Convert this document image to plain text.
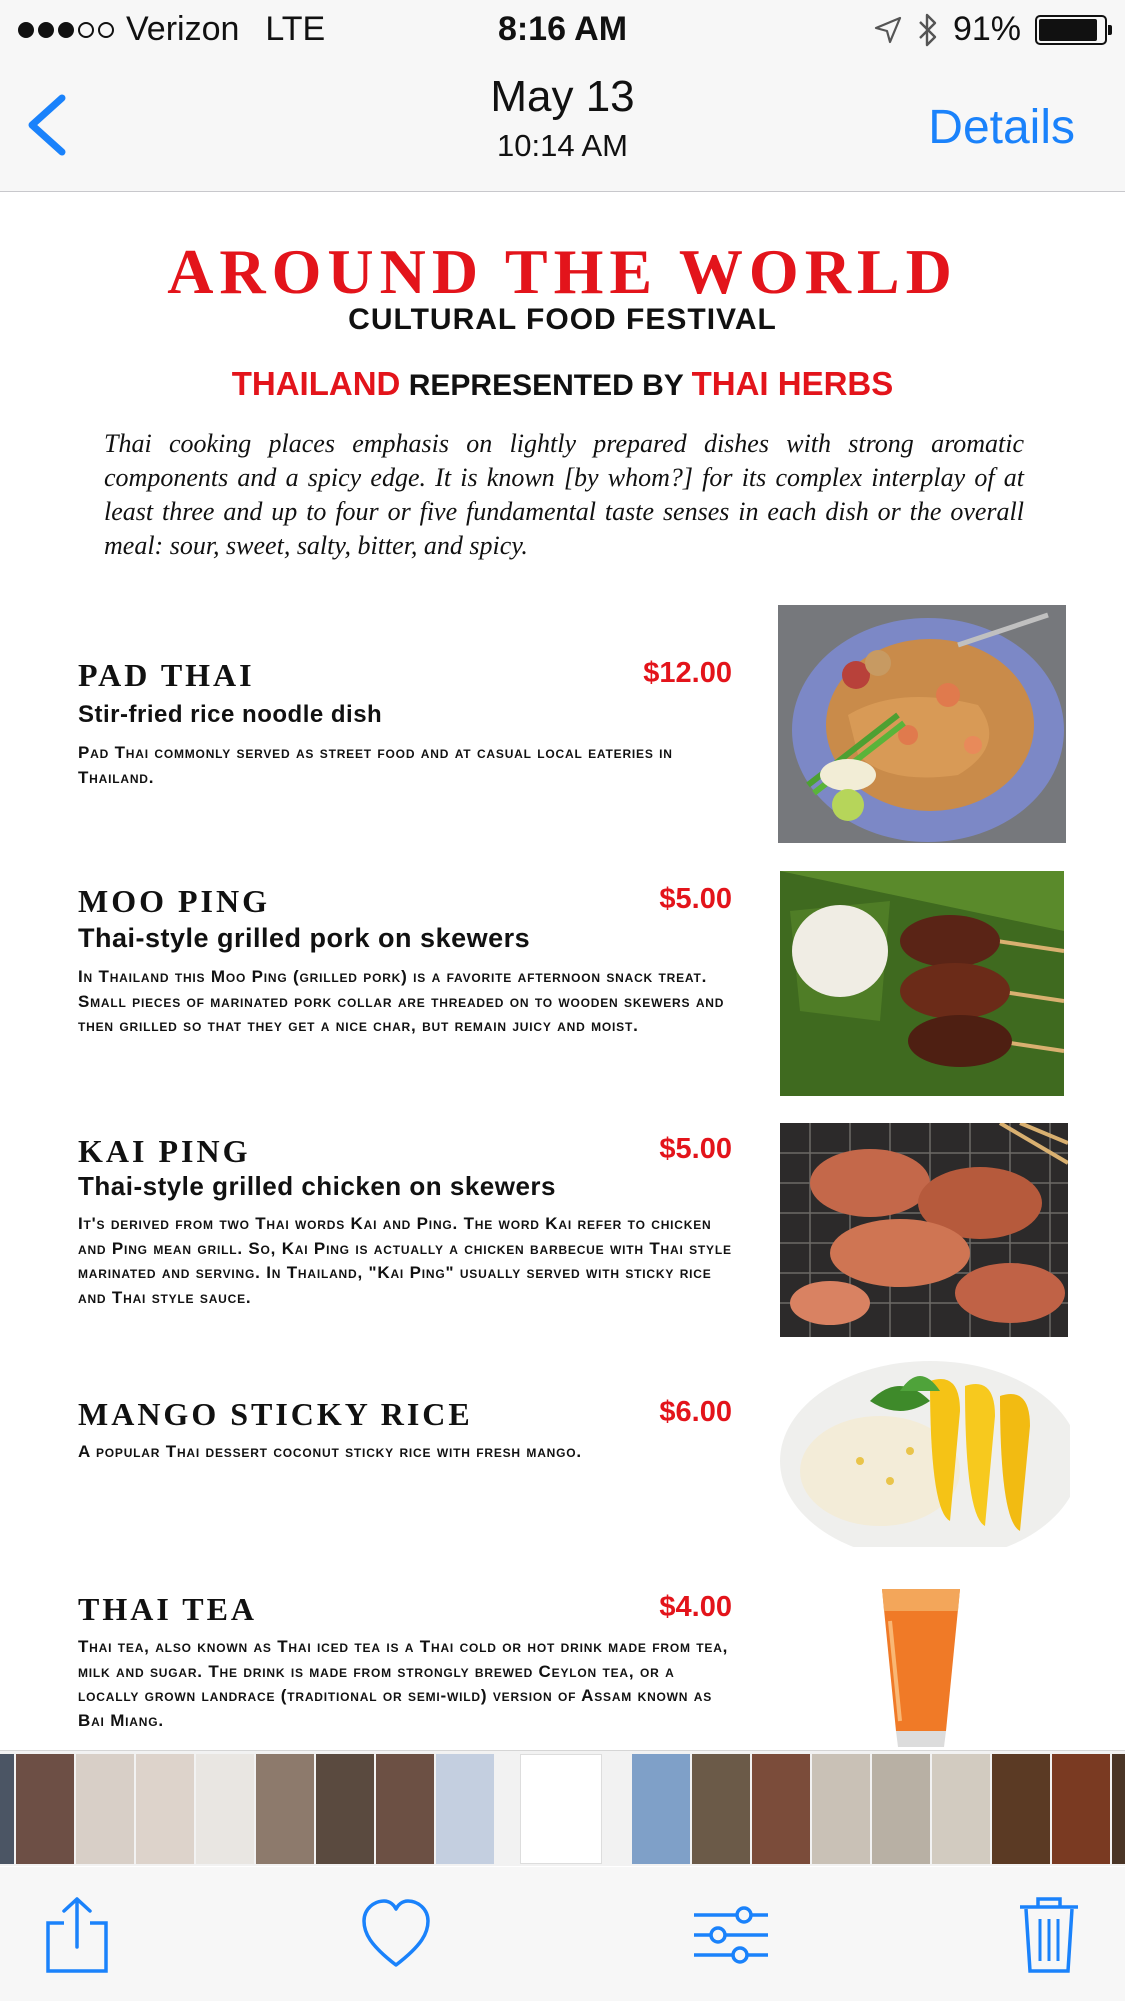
Verizon LTE	8:16 AM	91%
May 13
10:14 AM	Details
AROUND THE WORLD
CULTURAL FOOD FESTIVAL
THAILAND REPRESENTED BY THAI HERBS
Thai cooking places emphasis on lightly prepared dishes with strong aromatic components and a spicy edge. It is known [by whom?] for its complex interplay of at least three and up to four or five fundamental taste senses in each dish or the overall meal: sour, sweet, salty, bitter, and spicy.
PAD THAI	$12.00
Stir-fried rice noodle dish
Pad Thai commonly served as street food and at casual local eateries in Thailand.
MOO PING	$5.00
Thai-style grilled pork on skewers
In Thailand this Moo Ping (grilled pork) is a favorite afternoon snack treat. Small pieces of marinated pork collar are threaded on to wooden skewers and then grilled so that they get a nice char, but remain juicy and moist.
KAI PING	$5.00
Thai-style grilled chicken on skewers
It's derived from two Thai words Kai and Ping. The word Kai refer to chicken and Ping mean grill. So, Kai Ping is actually a chicken barbecue with Thai style marinated and serving. In Thailand, "Kai Ping" usually served with sticky rice and Thai style sauce.
MANGO STICKY RICE	$6.00
A popular Thai dessert coconut sticky rice with fresh mango.
THAI TEA	$4.00
Thai tea, also known as Thai iced tea is a Thai cold or hot drink made from tea, milk and sugar. The drink is made from strongly brewed Ceylon tea, or a locally grown landrace (traditional or semi-wild) version of Assam known as Bai Miang.
